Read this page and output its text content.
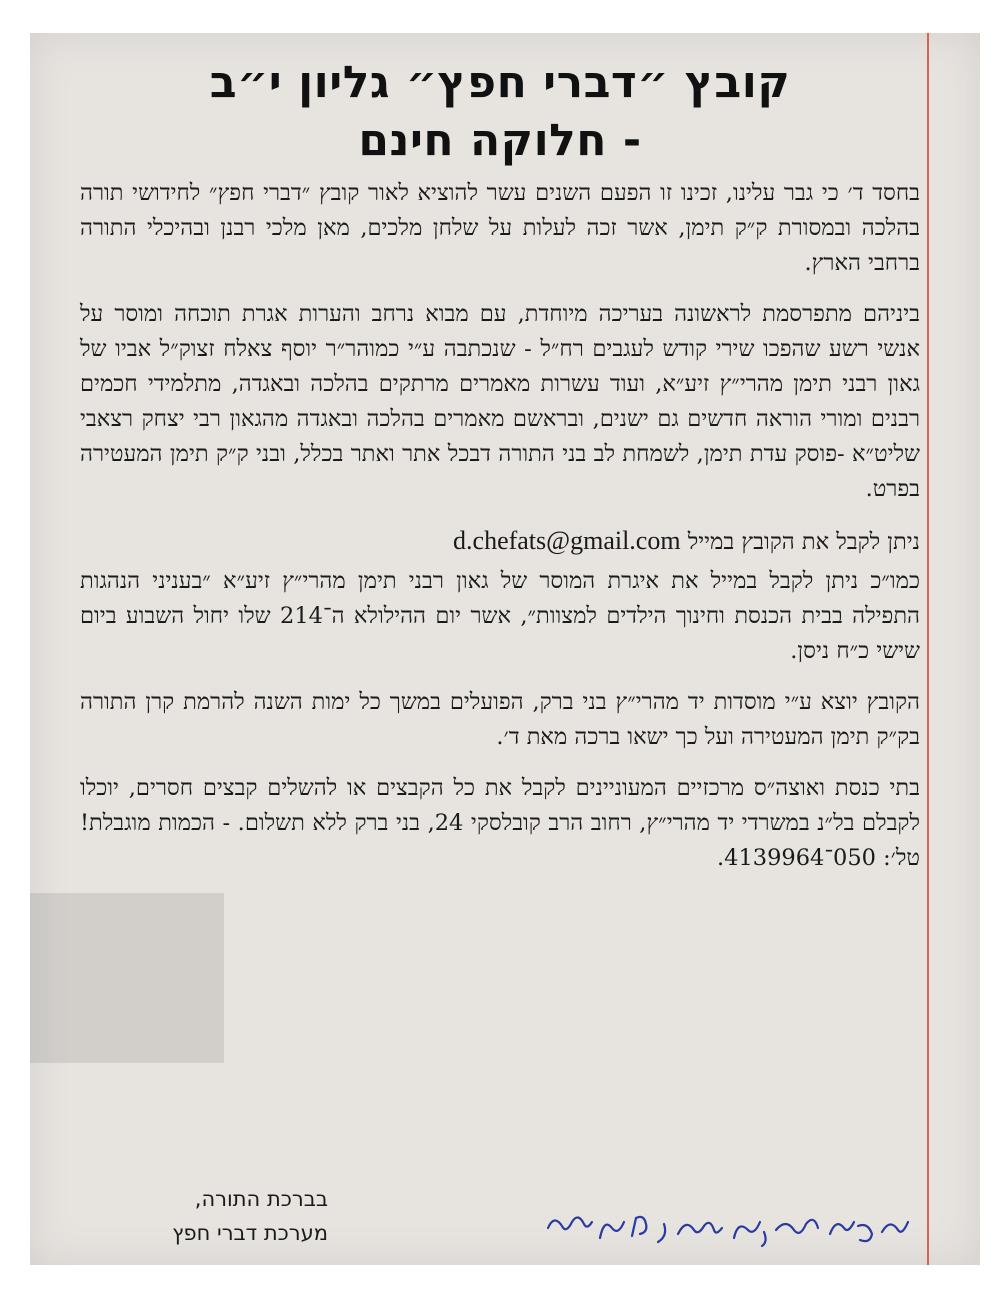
קובץ ״דברי חפץ״ גליון י״ב
- חלוקה חינם

בחסד ד׳ כי גבר עלינו, זכינו זו הפעם השנים עשר להוציא לאור קובץ ״דברי חפץ״ לחידושי תורה בהלכה ובמסורת ק״ק תימן, אשר זכה לעלות על שלחן מלכים, מאן מלכי רבנן ובהיכלי התורה ברחבי הארץ.

ביניהם מתפרסמת לראשונה בעריכה מיוחדת, עם מבוא נרחב והערות אגרת תוכחה ומוסר על אנשי רשע שהפכו שירי קודש לעגבים רח״ל - שנכתבה ע״י כמוהר״ר יוסף צאלח זצוק״ל אביו של גאון רבני תימן מהרי״ץ זיע״א, ועוד עשרות מאמרים מרתקים בהלכה ובאגדה, מתלמידי חכמים רבנים ומורי הוראה חדשים גם ישנים, ובראשם מאמרים בהלכה ובאגדה מהגאון רבי יצחק רצאבי שליט״א -פוסק עדת תימן, לשמחת לב בני התורה דבכל אתר ואתר בכלל, ובני ק״ק תימן המעטירה בפרט.

ניתן לקבל את הקובץ במייל d.chefats@gmail.com

כמו״כ ניתן לקבל במייל את איגרת המוסר של גאון רבני תימן מהרי״ץ זיע״א ״בעניני הנהגות התפילה בבית הכנסת וחינוך הילדים למצוות״, אשר יום ההילולא ה־214 שלו יחול השבוע ביום שישי כ״ח ניסן.

הקובץ יוצא ע״י מוסדות יד מהרי״ץ בני ברק, הפועלים במשך כל ימות השנה להרמת קרן התורה בק״ק תימן המעטירה ועל כך ישאו ברכה מאת ד׳.

בתי כנסת ואוצה״ס מרכזיים המעוניינים לקבל את כל הקבצים או להשלים קבצים חסרים, יוכלו לקבלם בל״נ במשרדי יד מהרי״ץ, רחוב הרב קובלסקי 24, בני ברק ללא תשלום. - הכמות מוגבלת! טל׳: 050־4139964.

בברכת התורה,
מערכת דברי חפץ
